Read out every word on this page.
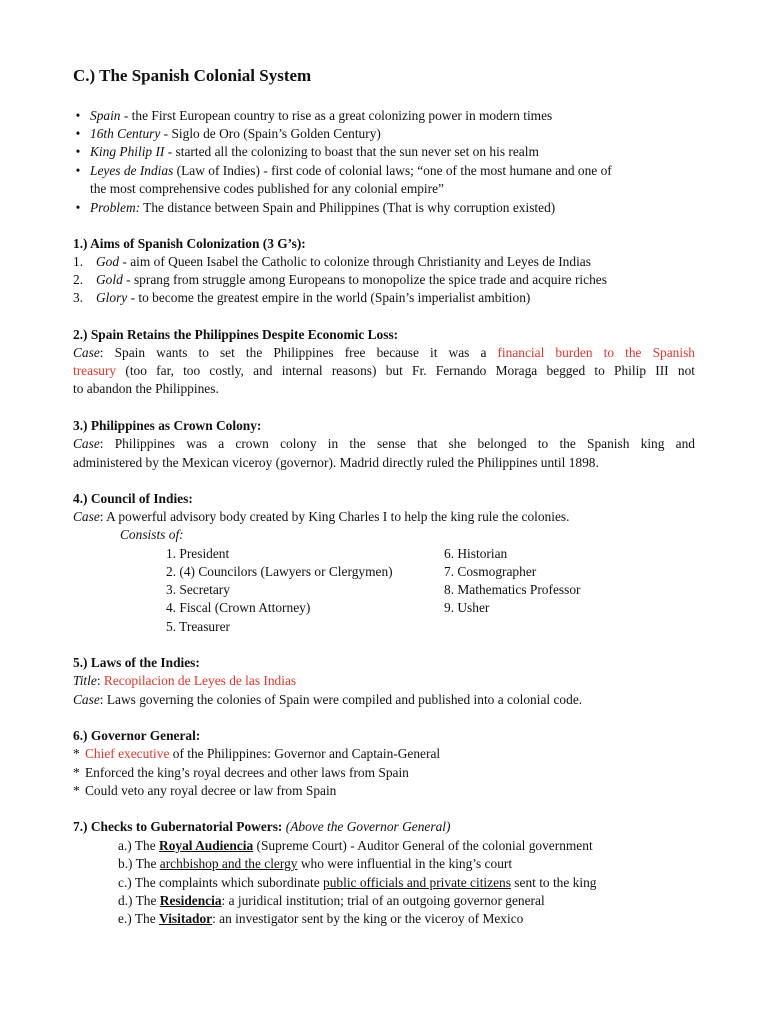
C.) The Spanish Colonial System
• Spain - the First European country to rise as a great colonizing power in modern times
• 16th Century - Siglo de Oro (Spain’s Golden Century)
• King Philip II - started all the colonizing to boast that the sun never set on his realm
• Leyes de Indias (Law of Indies) - first code of colonial laws; “one of the most humane and one of
the most comprehensive codes published for any colonial empire”
• Problem: The distance between Spain and Philippines (That is why corruption existed)
1.) Aims of Spanish Colonization (3 G’s):
1. God - aim of Queen Isabel the Catholic to colonize through Christianity and Leyes de Indias
2. Gold - sprang from struggle among Europeans to monopolize the spice trade and acquire riches
3. Glory - to become the greatest empire in the world (Spain’s imperialist ambition)
2.) Spain Retains the Philippines Despite Economic Loss:
Case: Spain wants to set the Philippines free because it was a financial burden to the Spanish
treasury (too far, too costly, and internal reasons) but Fr. Fernando Moraga begged to Philip III not
to abandon the Philippines.
3.) Philippines as Crown Colony:
Case: Philippines was a crown colony in the sense that she belonged to the Spanish king and
administered by the Mexican viceroy (governor). Madrid directly ruled the Philippines until 1898.
4.) Council of Indies:
Case: A powerful advisory body created by King Charles I to help the king rule the colonies.
Consists of:
1. President
2. (4) Councilors (Lawyers or Clergymen)
3. Secretary
4. Fiscal (Crown Attorney)
5. Treasurer
6. Historian
7. Cosmographer
8. Mathematics Professor
9. Usher
5.) Laws of the Indies:
Title: Recopilacion de Leyes de las Indias
Case: Laws governing the colonies of Spain were compiled and published into a colonial code.
6.) Governor General:
* Chief executive of the Philippines: Governor and Captain-General
* Enforced the king’s royal decrees and other laws from Spain
* Could veto any royal decree or law from Spain
7.) Checks to Gubernatorial Powers: (Above the Governor General)
a.) The Royal Audiencia (Supreme Court) - Auditor General of the colonial government
b.) The archbishop and the clergy who were influential in the king’s court
c.) The complaints which subordinate public officials and private citizens sent to the king
d.) The Residencia: a juridical institution; trial of an outgoing governor general
e.) The Visitador: an investigator sent by the king or the viceroy of Mexico
